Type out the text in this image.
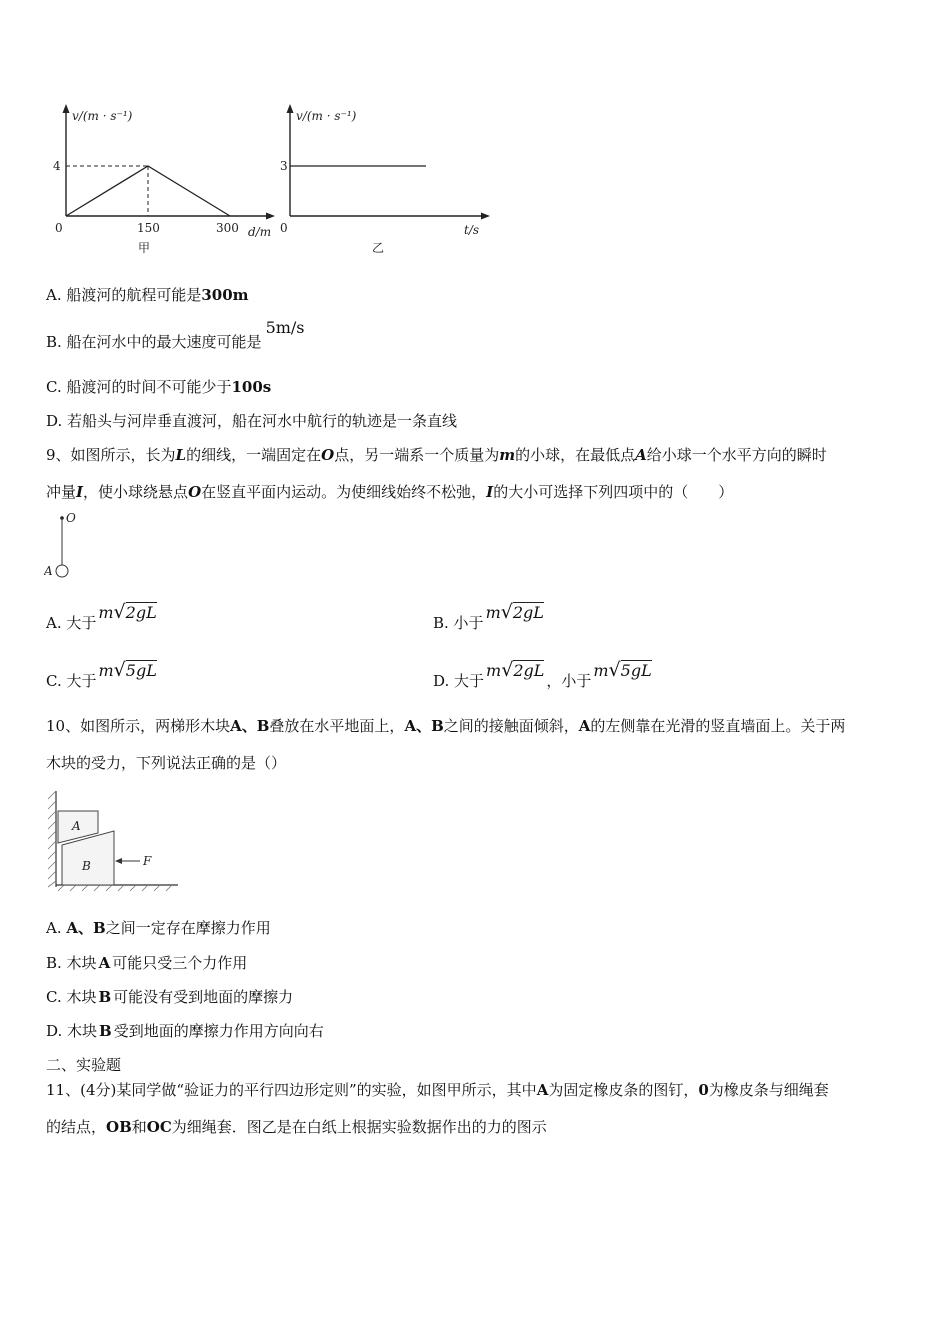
v/(m · s⁻¹)
4
0	150	300 d/m
甲
v/(m · s⁻¹)
3
0	t/s
乙
A. 船渡河的航程可能是300m
B. 船在河水中的最大速度可能是5m/s
C. 船渡河的时间不可能少于100s
D. 若船头与河岸垂直渡河，船在河水中航行的轨迹是一条直线
9、如图所示，长为L的细线，一端固定在O点，另一端系一个质量为m的小球，在最低点A给小球一个水平方向的瞬时
冲量I，使小球绕悬点O在竖直平面内运动。为使细线始终不松弛，I的大小可选择下列四项中的（　　）
O
A
A. 大于m√2gL
B. 小于m√2gL
C. 大于m√5gL
D. 大于m√2gL，小于m√5gL
10、如图所示，两梯形木块A、B叠放在水平地面上，A、B之间的接触面倾斜，A的左侧靠在光滑的竖直墙面上。关于两
木块的受力，下列说法正确的是（）
A
B	F
A. A、B之间一定存在摩擦力作用
B. 木块 A 可能只受三个力作用
C. 木块 B 可能没有受到地面的摩擦力
D. 木块 B 受到地面的摩擦力作用方向向右
二、实验题
11、(4分)某同学做“验证力的平行四边形定则”的实验，如图甲所示，其中A为固定橡皮条的图钉，0为橡皮条与细绳套
的结点，OB和OC为细绳套．图乙是在白纸上根据实验数据作出的力的图示
